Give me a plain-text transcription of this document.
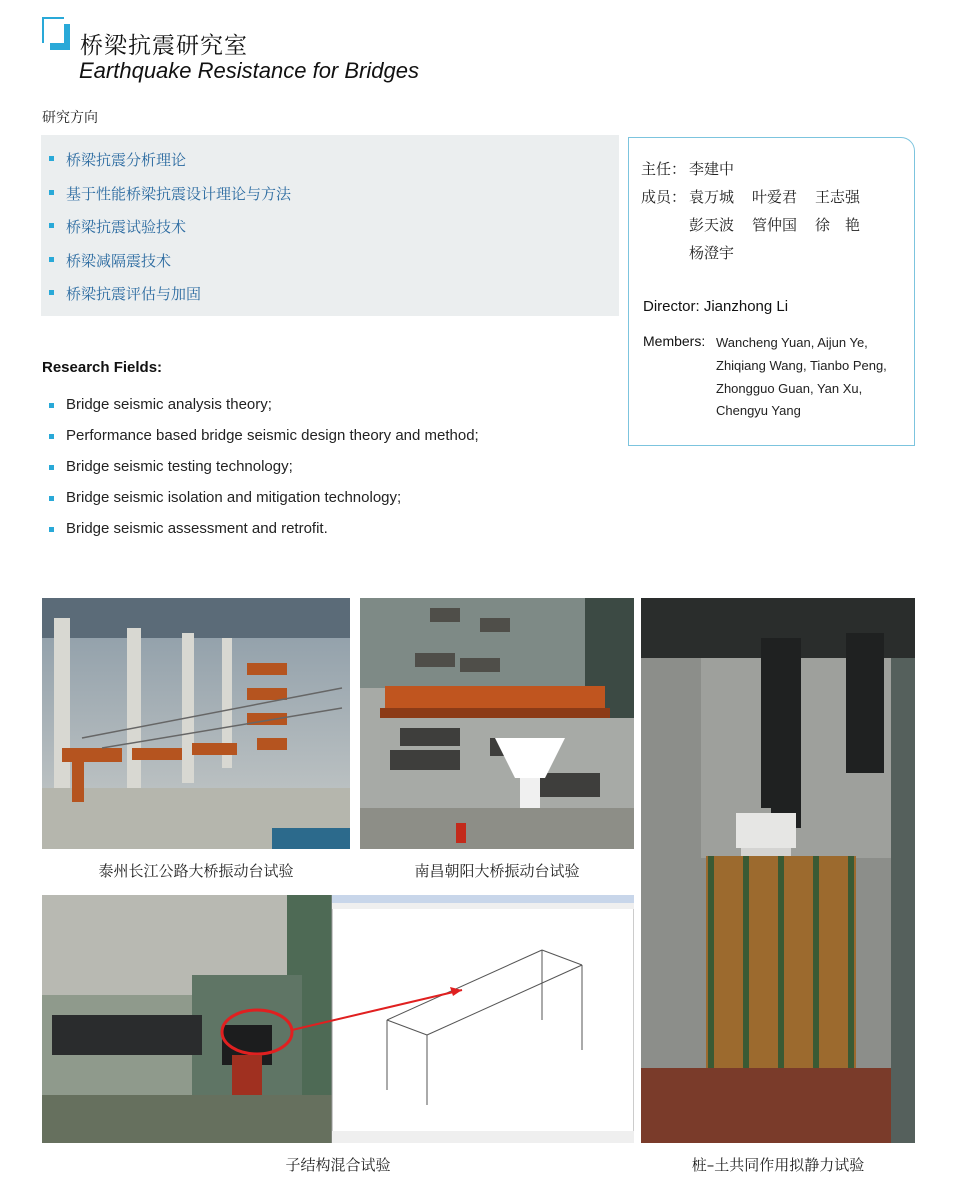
桥梁抗震研究室
Earthquake Resistance for Bridges
研究方向
桥梁抗震分析理论
基于性能桥梁抗震设计理论与方法
桥梁抗震试验技术
桥梁减隔震技术
桥梁抗震评估与加固
Research Fields:
Bridge seismic analysis theory;
Performance based bridge seismic design theory and method;
Bridge seismic testing technology;
Bridge seismic isolation and mitigation technology;
Bridge seismic assessment and retrofit.
主任： 李建中
成员： 袁万城 叶爱君 王志强
彭天波 管仲国 徐　艳
杨澄宇
Director: Jianzhong Li
Members: Wancheng Yuan, Aijun Ye,
Zhiqiang Wang, Tianbo Peng,
Zhongguo Guan, Yan Xu,
Chengyu Yang
泰州长江公路大桥振动台试验	南昌朝阳大桥振动台试验
桩–土共同作用拟静力试验
子结构混合试验
